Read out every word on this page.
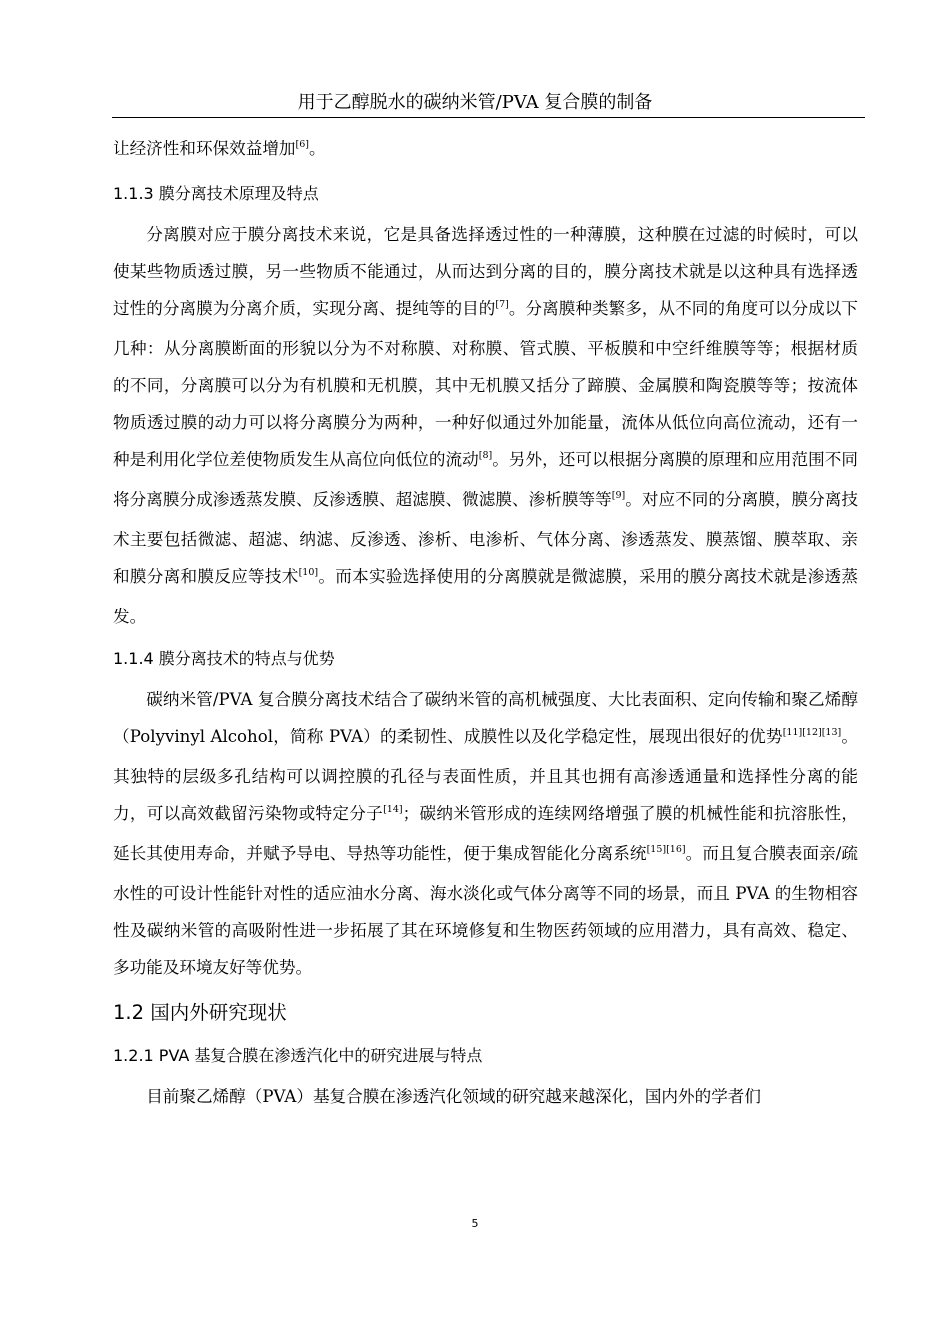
用于乙醇脱水的碳纳米管/PVA 复合膜的制备

让经济性和环保效益增加[6]。

1.1.3 膜分离技术原理及特点

分离膜对应于膜分离技术来说，它是具备选择透过性的一种薄膜，这种膜在过滤的时候时，可以使某些物质透过膜，另一些物质不能通过，从而达到分离的目的，膜分离技术就是以这种具有选择透过性的分离膜为分离介质，实现分离、提纯等的目的[7]。分离膜种类繁多，从不同的角度可以分成以下几种：从分离膜断面的形貌以分为不对称膜、对称膜、管式膜、平板膜和中空纤维膜等等；根据材质的不同，分离膜可以分为有机膜和无机膜，其中无机膜又括分了蹄膜、金属膜和陶瓷膜等等；按流体物质透过膜的动力可以将分离膜分为两种，一种好似通过外加能量，流体从低位向高位流动，还有一种是利用化学位差使物质发生从高位向低位的流动[8]。另外，还可以根据分离膜的原理和应用范围不同将分离膜分成渗透蒸发膜、反渗透膜、超滤膜、微滤膜、渗析膜等等[9]。对应不同的分离膜，膜分离技术主要包括微滤、超滤、纳滤、反渗透、渗析、电渗析、气体分离、渗透蒸发、膜蒸馏、膜萃取、亲和膜分离和膜反应等技术[10]。而本实验选择使用的分离膜就是微滤膜，采用的膜分离技术就是渗透蒸发。

1.1.4 膜分离技术的特点与优势

碳纳米管/PVA 复合膜分离技术结合了碳纳米管的高机械强度、大比表面积、定向传输和聚乙烯醇（Polyvinyl Alcohol，简称 PVA）的柔韧性、成膜性以及化学稳定性，展现出很好的优势[11][12][13]。其独特的层级多孔结构可以调控膜的孔径与表面性质，并且其也拥有高渗透通量和选择性分离的能力，可以高效截留污染物或特定分子[14]；碳纳米管形成的连续网络增强了膜的机械性能和抗溶胀性，延长其使用寿命，并赋予导电、导热等功能性，便于集成智能化分离系统[15][16]。而且复合膜表面亲/疏水性的可设计性能针对性的适应油水分离、海水淡化或气体分离等不同的场景，而且 PVA 的生物相容性及碳纳米管的高吸附性进一步拓展了其在环境修复和生物医药领域的应用潜力，具有高效、稳定、多功能及环境友好等优势。

1.2 国内外研究现状
1.2.1 PVA 基复合膜在渗透汽化中的研究进展与特点

目前聚乙烯醇（PVA）基复合膜在渗透汽化领域的研究越来越深化，国内外的学者们

5
